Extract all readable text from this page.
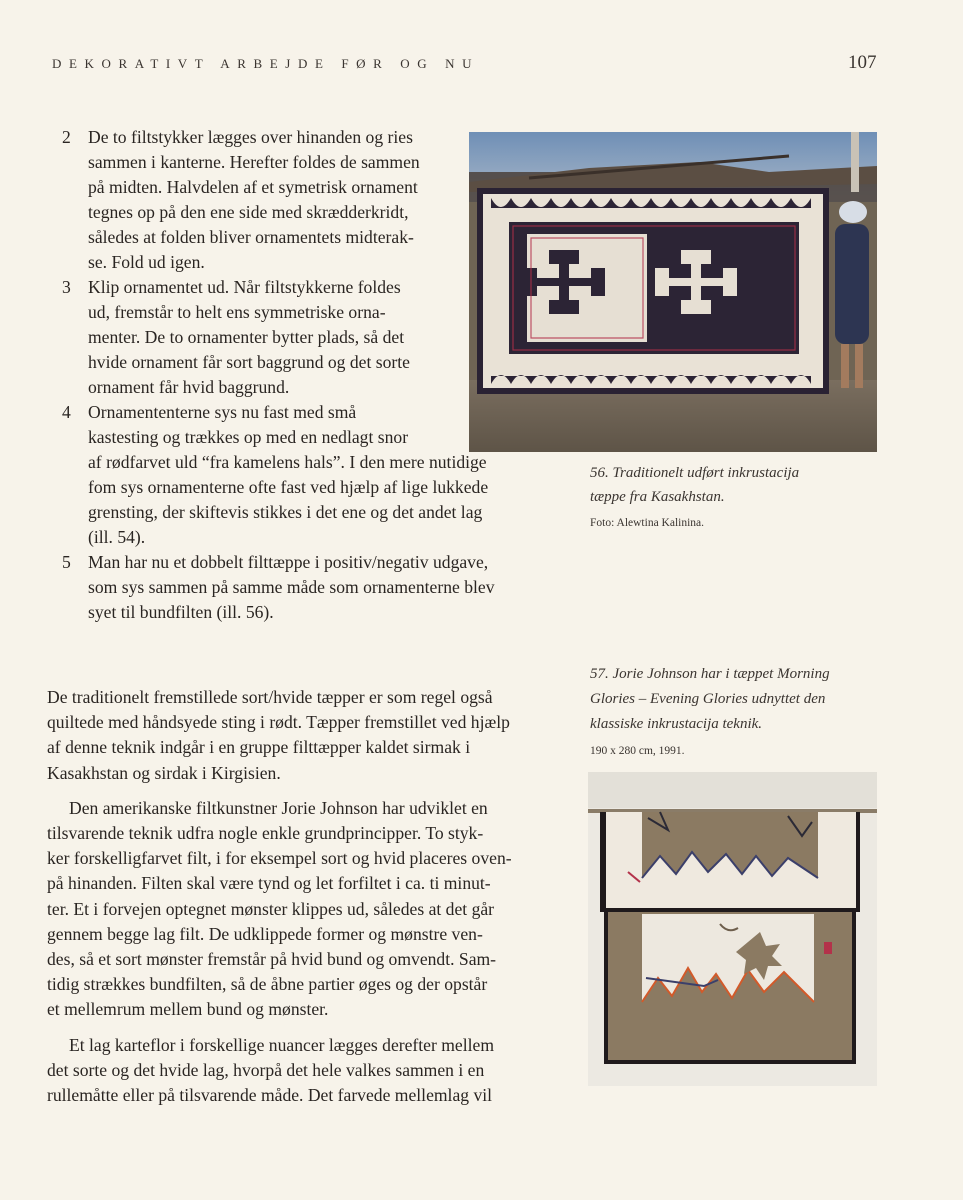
DEKORATIVT ARBEJDE FØR OG NU	107
2 De to filtstykker lægges over hinanden og ries
sammen i kanterne. Herefter foldes de sammen
på midten. Halvdelen af et symetrisk ornament
tegnes op på den ene side med skrædderkridt,
således at folden bliver ornamentets midterak-
se. Fold ud igen.
3 Klip ornamentet ud. Når filtstykkerne foldes
ud, fremstår to helt ens symmetriske orna-
menter. De to ornamenter bytter plads, så det
hvide ornament får sort baggrund og det sorte
ornament får hvid baggrund.
4 Ornamententerne sys nu fast med små
kastesting og trækkes op med en nedlagt snor
af rødfarvet uld “fra kamelens hals”. I den mere nutidige
fom sys ornamenterne ofte fast ved hjælp af lige lukkede
grensting, der skiftevis stikkes i det ene og det andet lag
(ill. 54).
5 Man har nu et dobbelt filttæppe i positiv/negativ udgave,
som sys sammen på samme måde som ornamenterne blev
syet til bundfilten (ill. 56).
De traditionelt fremstillede sort/hvide tæpper er som regel også
quiltede med håndsyede sting i rødt. Tæpper fremstillet ved hjælp
af denne teknik indgår i en gruppe filttæpper kaldet sirmak i
Kasakhstan og sirdak i Kirgisien.
Den amerikanske filtkunstner Jorie Johnson har udviklet en
tilsvarende teknik udfra nogle enkle grundprincipper. To styk-
ker forskelligfarvet filt, i for eksempel sort og hvid placeres oven-
på hinanden. Filten skal være tynd og let forfiltet i ca. ti minut-
ter. Et i forvejen optegnet mønster klippes ud, således at det går
gennem begge lag filt. De udklippede former og mønstre ven-
des, så et sort mønster fremstår på hvid bund og omvendt. Sam-
tidig strækkes bundfilten, så de åbne partier øges og der opstår
et mellemrum mellem bund og mønster.
Et lag karteflor i forskellige nuancer lægges derefter mellem
det sorte og det hvide lag, hvorpå det hele valkes sammen i en
rullemåtte eller på tilsvarende måde. Det farvede mellemlag vil
56. Traditionelt udført inkrustacija
tæppe fra Kasakhstan.
Foto: Alewtina Kalinina.
57. Jorie Johnson har i tæppet Morning
Glories – Evening Glories udnyttet den
klassiske inkrustacija teknik.
190 x 280 cm, 1991.
